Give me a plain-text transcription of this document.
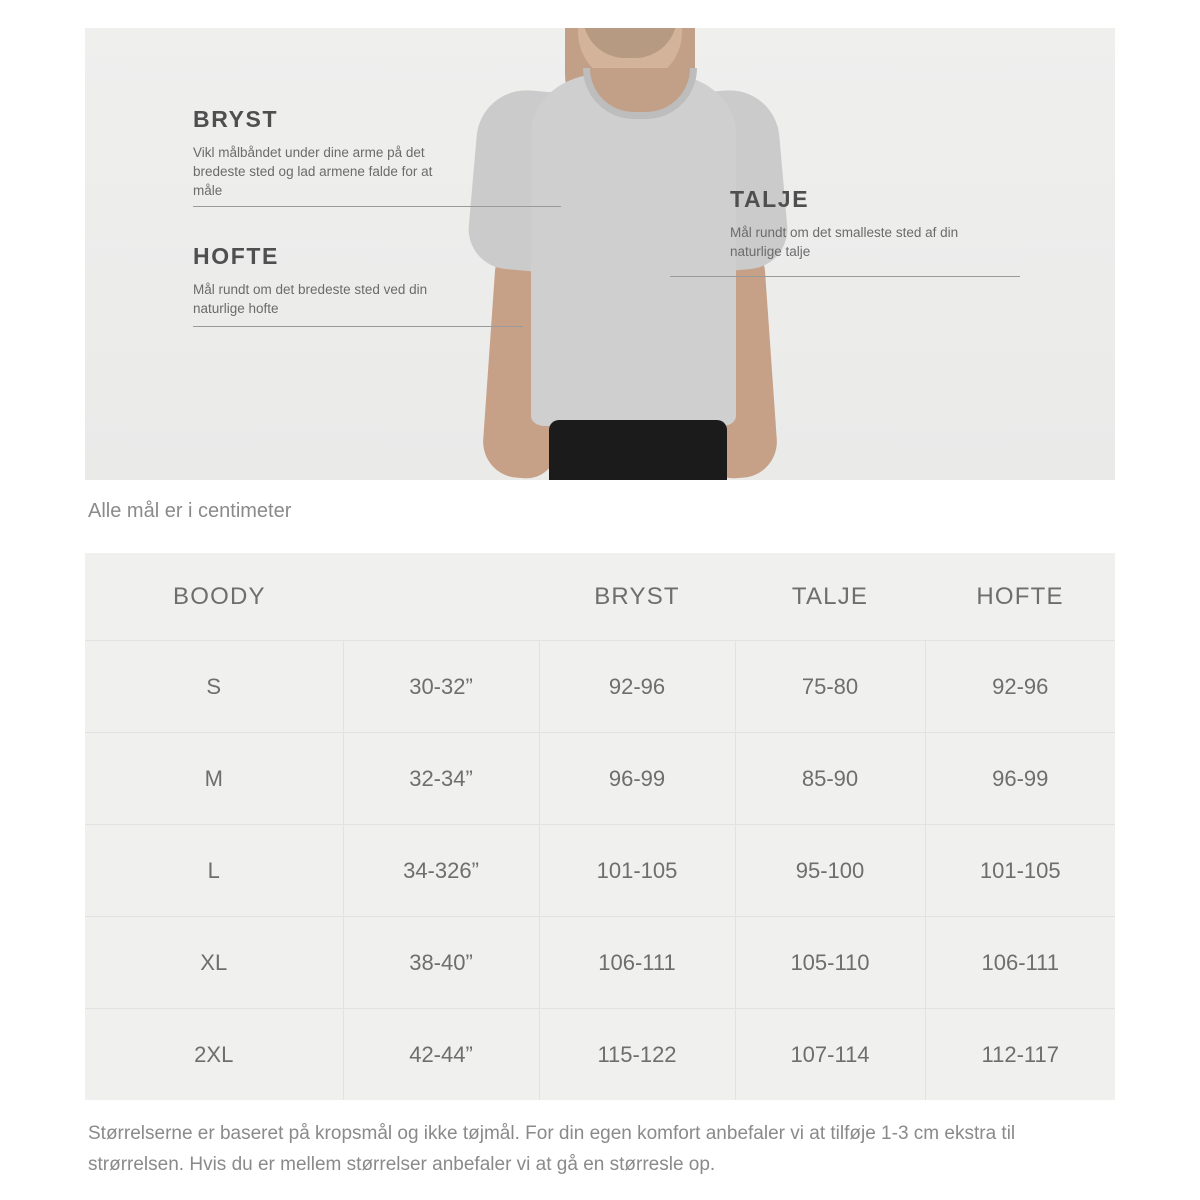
BRYST

Vikl målbåndet under dine arme på det bredeste sted og lad armene falde for at måle

HOFTE

Mål rundt om det bredeste sted ved din naturlige hofte

TALJE

Mål rundt om det smalleste sted af din naturlige talje

Alle mål er i centimeter
BOODY		BRYST	TALJE	HOFTE
S	30-32”	92-96	75-80	92-96
M	32-34”	96-99	85-90	96-99
L	34-326”	101-105	95-100	101-105
XL	38-40”	106-111	105-110	106-111
2XL	42-44”	115-122	107-114	112-117
Størrelserne er baseret på kropsmål og ikke tøjmål. For din egen komfort anbefaler vi at tilføje 1-3 cm ekstra til strørrelsen. Hvis du er mellem størrelser anbefaler vi at gå en størresle op.
